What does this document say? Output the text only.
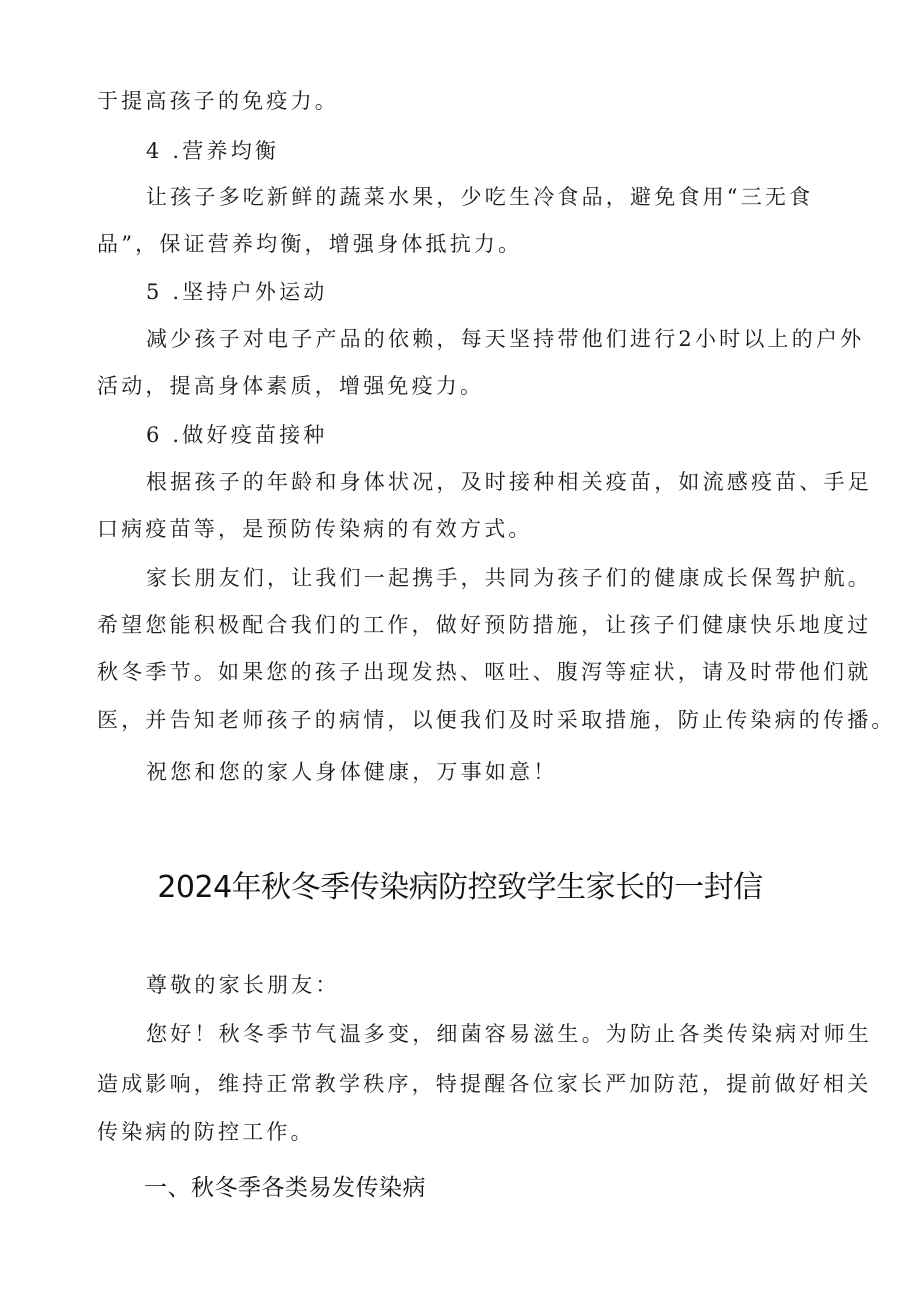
于提高孩子的免疫力。
4 .营养均衡
让孩子多吃新鲜的蔬菜水果，少吃生冷食品，避免食用“三无食
品”，保证营养均衡，增强身体抵抗力。
5 .坚持户外运动
减少孩子对电子产品的依赖，每天坚持带他们进行2小时以上的户外
活动，提高身体素质，增强免疫力。
6 .做好疫苗接种
根据孩子的年龄和身体状况，及时接种相关疫苗，如流感疫苗、手足
口病疫苗等，是预防传染病的有效方式。
家长朋友们，让我们一起携手，共同为孩子们的健康成长保驾护航。
希望您能积极配合我们的工作，做好预防措施，让孩子们健康快乐地度过
秋冬季节。如果您的孩子出现发热、呕吐、腹泻等症状，请及时带他们就
医，并告知老师孩子的病情，以便我们及时采取措施，防止传染病的传播。
祝您和您的家人身体健康，万事如意！
2024年秋冬季传染病防控致学生家长的一封信
尊敬的家长朋友：
您好！秋冬季节气温多变，细菌容易滋生。为防止各类传染病对师生
造成影响，维持正常教学秩序，特提醒各位家长严加防范，提前做好相关
传染病的防控工作。
一、秋冬季各类易发传染病
